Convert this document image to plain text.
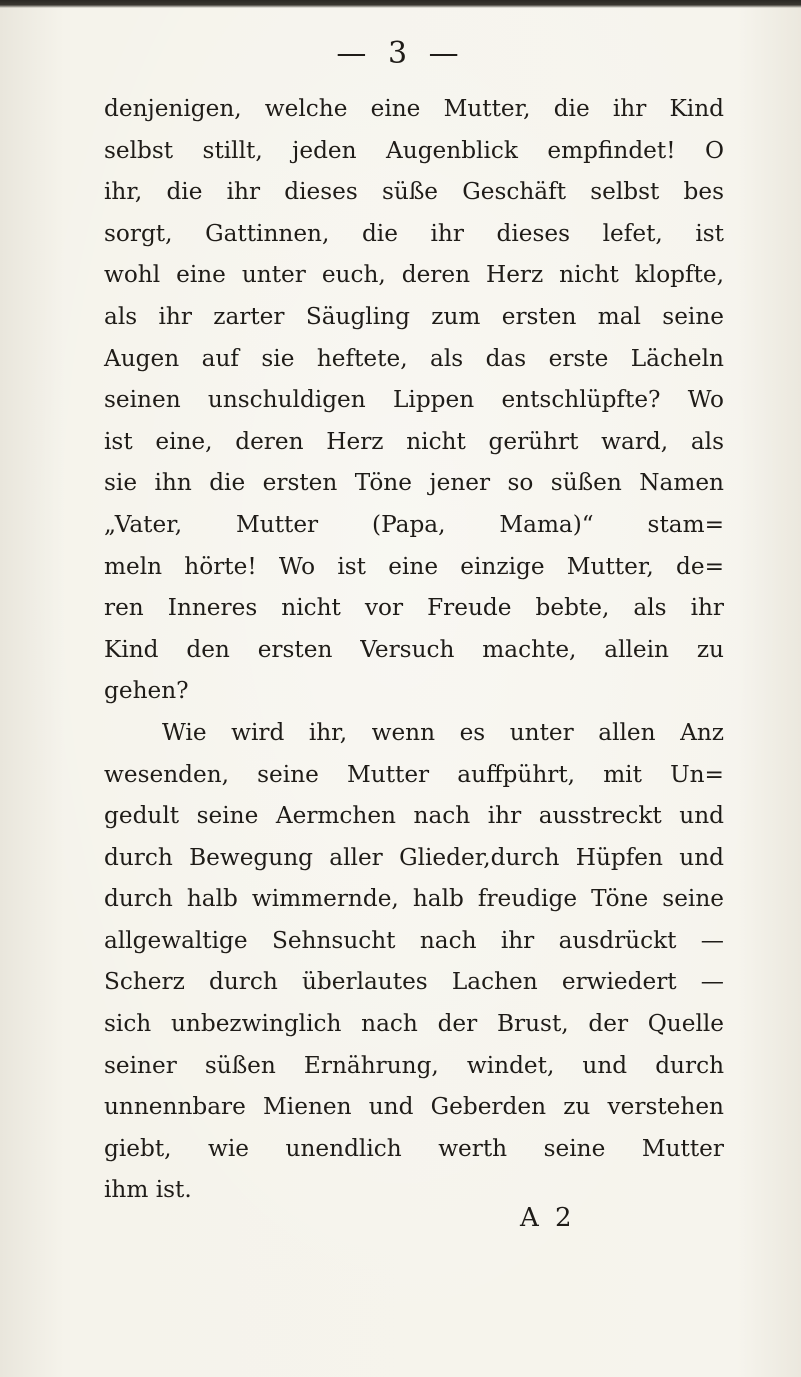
— 3 —

denjenigen, welche eine Mutter, die ihr Kind
selbst stillt, jeden Augenblick empfindet! O
ihr, die ihr dieses süße Geschäft selbst bes
sorgt, Gattinnen, die ihr dieses lefet, ist
wohl eine unter euch, deren Herz nicht klopfte,
als ihr zarter Säugling zum ersten mal seine
Augen auf sie heftete, als das erste Lächeln
seinen unschuldigen Lippen entschlüpfte? Wo
ist eine, deren Herz nicht gerührt ward, als
sie ihn die ersten Töne jener so süßen Namen
„Vater, Mutter (Papa, Mama)“ stam=
meln hörte! Wo ist eine einzige Mutter, de=
ren Inneres nicht vor Freude bebte, als ihr
Kind den ersten Versuch machte, allein zu
gehen?

Wie wird ihr, wenn es unter allen Anz
wesenden, seine Mutter auffpührt, mit Un=
gedult seine Aermchen nach ihr ausstreckt und
durch Bewegung aller Glieder,durch Hüpfen und
durch halb wimmernde, halb freudige Töne seine
allgewaltige Sehnsucht nach ihr ausdrückt —
Scherz durch überlautes Lachen erwiedert —
sich unbezwinglich nach der Brust, der Quelle
seiner süßen Ernährung, windet, und durch
unnennbare Mienen und Geberden zu verstehen
giebt, wie unendlich werth seine Mutter
ihm ist.

A 2
